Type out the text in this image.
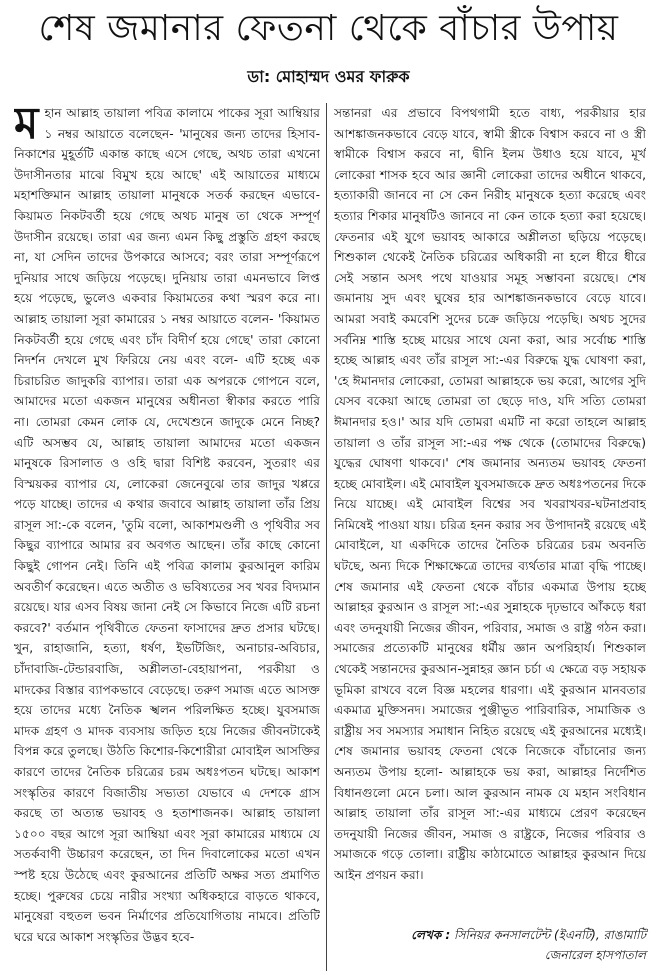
শেষ জমানার ফেতনা থেকে বাঁচার উপায়
ডা: মোহাম্মদ ওমর ফারুক

মহান আল্লাহ তায়ালা পবিত্র কালামে পাকের সূরা আম্বিয়ার ১ নম্বর আয়াতে বলেছেন- 'মানুষের জন্য তাদের হিসাব-নিকাশের মুহূর্তটি একান্ত কাছে এসে গেছে, অথচ তারা এখনো উদাসীনতার মাঝে বিমুখ হয়ে আছে' এই আয়াতের মাধ্যমে মহাশক্তিমান আল্লাহ তায়ালা মানুষকে সতর্ক করছেন এভাবে- কিয়ামত নিকটবর্তী হয়ে গেছে অথচ মানুষ তা থেকে সম্পূর্ণ উদাসীন রয়েছে। তারা এর জন্য এমন কিছু প্রস্তুতি গ্রহণ করছে না, যা সেদিন তাদের উপকারে আসবে; বরং তারা সম্পূর্ণরূপে দুনিয়ার সাথে জড়িয়ে পড়েছে। দুনিয়ায় তারা এমনভাবে লিপ্ত হয়ে পড়েছে, ভুলেও একবার কিয়ামতের কথা স্মরণ করে না। আল্লাহ তায়ালা সূরা কামারের ১ নম্বর আয়াতে বলেন- 'কিয়ামত নিকটবর্তী হয়ে গেছে এবং চাঁদ বিদীর্ণ হয়ে গেছে' তারা কোনো নিদর্শন দেখলে মুখ ফিরিয়ে নেয় এবং বলে- এটি হচ্ছে এক চিরাচরিত জাদুকরি ব্যাপার। তারা এক অপরকে গোপনে বলে, আমাদের মতো একজন মানুষের অধীনতা স্বীকার করতে পারি না। তোমরা কেমন লোক যে, দেখেশুনে জাদুকে মেনে নিচ্ছ? এটি অসম্ভব যে, আল্লাহ তায়ালা আমাদের মতো একজন মানুষকে রিসালাত ও ওহি দ্বারা বিশিষ্ট করবেন, সুতরাং এর বিস্ময়কর ব্যাপার যে, লোকেরা জেনেবুঝে তার জাদুর খপ্পরে পড়ে যাচ্ছে। তাদের এ কথার জবাবে আল্লাহ তায়ালা তাঁর প্রিয় রাসূল সা:-কে বলেন, 'তুমি বলো, আকাশমণ্ডলী ও পৃথিবীর সব কিছুর ব্যাপারে আমার রব অবগত আছেন। তাঁর কাছে কোনো কিছুই গোপন নেই। তিনি এই পবিত্র কালাম কুরআনুল কারিম অবতীর্ণ করেছেন। এতে অতীত ও ভবিষ্যতের সব খবর বিদ্যমান রয়েছে। যার এসব বিষয় জানা নেই সে কিভাবে নিজে এটি রচনা করবে?' বর্তমান পৃথিবীতে ফেতনা ফাসাদের দ্রুত প্রসার ঘটছে। খুন, রাহাজানি, হত্যা, ধর্ষণ, ইভটিজিং, অনাচার-অবিচার, চাঁদাবাজি-টেন্ডারবাজি, অশ্লীলতা-বেহায়াপনা, পরকীয়া ও মাদকের বিস্তার ব্যাপকভাবে বেড়েছে। তরুণ সমাজ এতে আসক্ত হয়ে তাদের মধ্যে নৈতিক স্খলন পরিলক্ষিত হচ্ছে। যুবসমাজ মাদক গ্রহণ ও মাদক ব্যবসায় জড়িত হয়ে নিজের জীবনটাকেই বিপন্ন করে তুলছে। উঠতি কিশোর-কিশোরীরা মোবাইল আসক্তির কারণে তাদের নৈতিক চরিত্রের চরম অধঃপতন ঘটছে। আকাশ সংস্কৃতির কারণে বিজাতীয় সভ্যতা যেভাবে এ দেশকে গ্রাস করছে তা অত্যন্ত ভয়াবহ ও হতাশাজনক। আল্লাহ তায়ালা ১৫০০ বছর আগে সূরা আম্বিয়া এবং সূরা কামারের মাধ্যমে যে সতর্কবাণী উচ্চারণ করেছেন, তা দিন দিবালোকের মতো এখন স্পষ্ট হয়ে উঠেছে এবং কুরআনের প্রতিটি অক্ষর সত্য প্রমাণিত হচ্ছে। পুরুষের চেয়ে নারীর সংখ্যা অধিকহারে বাড়তে থাকবে, মানুষেরা বহুতল ভবন নির্মাণের প্রতিযোগিতায় নামবে। প্রতিটি ঘরে ঘরে আকাশ সংস্কৃতির উদ্ভব হবে-

সন্তানরা এর প্রভাবে বিপথগামী হতে বাধ্য, পরকীয়ার হার আশঙ্কাজনকভাবে বেড়ে যাবে, স্বামী স্ত্রীকে বিশ্বাস করবে না ও স্ত্রী স্বামীকে বিশ্বাস করবে না, দ্বীনি ইলম উধাও হয়ে যাবে, মূর্খ লোকেরা শাসক হবে আর জ্ঞানী লোকেরা তাদের অধীনে থাকবে, হত্যাকারী জানবে না সে কেন নিরীহ মানুষকে হত্যা করেছে এবং হত্যার শিকার মানুষটিও জানবে না কেন তাকে হত্যা করা হয়েছে। ফেতনার এই যুগে ভয়াবহ আকারে অশ্লীলতা ছড়িয়ে পড়েছে। শিশুকাল থেকেই নৈতিক চরিত্রের অধিকারী না হলে ধীরে ধীরে সেই সন্তান অসৎ পথে যাওয়ার সমূহ সম্ভাবনা রয়েছে। শেষ জমানায় সুদ এবং ঘুষের হার আশঙ্কাজনকভাবে বেড়ে যাবে। আমরা সবাই কমবেশি সুদের চক্রে জড়িয়ে পড়েছি। অথচ সুদের সর্বনিম্ন শাস্তি হচ্ছে মায়ের সাথে যেনা করা, আর সর্বোচ্চ শাস্তি হচ্ছে আল্লাহ এবং তাঁর রাসূল সা:-এর বিরুদ্ধে যুদ্ধ ঘোষণা করা, 'হে ঈমানদার লোকেরা, তোমরা আল্লাহকে ভয় করো, আগের সুদি যেসব বকেয়া আছে তোমরা তা ছেড়ে দাও, যদি সত্যি তোমরা ঈমানদার হও।' আর যদি তোমরা এমটি না করো তাহলে আল্লাহ তায়ালা ও তাঁর রাসূল সা:-এর পক্ষ থেকে (তোমাদের বিরুদ্ধে) যুদ্ধের ঘোষণা থাকবে।' শেষ জমানার অন্যতম ভয়াবহ ফেতনা হচ্ছে মোবাইল। এই মোবাইল যুবসমাজকে দ্রুত অধঃপতনের দিকে নিয়ে যাচ্ছে। এই মোবাইল বিশ্বের সব খবরাখবর-ঘটনাপ্রবাহ নিমিষেই পাওয়া যায়। চরিত্র হনন করার সব উপাদানই রয়েছে এই মোবাইলে, যা একদিকে তাদের নৈতিক চরিত্রের চরম অবনতি ঘটছে, অন্য দিকে শিক্ষাক্ষেত্রে তাদের ব্যর্থতার মাত্রা বৃদ্ধি পাচ্ছে। শেষ জমানার এই ফেতনা থেকে বাঁচার একমাত্র উপায় হচ্ছে আল্লাহর কুরআন ও রাসূল সা:-এর সুন্নাহকে দৃঢ়ভাবে আঁকড়ে ধরা এবং তদনুযায়ী নিজের জীবন, পরিবার, সমাজ ও রাষ্ট্র গঠন করা। সমাজের প্রত্যেকটি মানুষের ধর্মীয় জ্ঞান অপরিহার্য। শিশুকাল থেকেই সন্তানদের কুরআন-সুন্নাহর জ্ঞান চর্চা এ ক্ষেত্রে বড় সহায়ক ভূমিকা রাখবে বলে বিজ্ঞ মহলের ধারণা। এই কুরআন মানবতার একমাত্র মুক্তিসনদ। সমাজের পুঞ্জীভূত পারিবারিক, সামাজিক ও রাষ্ট্রীয় সব সমস্যার সমাধান নিহিত রয়েছে এই কুরআনের মধ্যেই। শেষ জমানার ভয়াবহ ফেতনা থেকে নিজেকে বাঁচানোর জন্য অন্যতম উপায় হলো- আল্লাহকে ভয় করা, আল্লাহর নির্দেশিত বিধানগুলো মেনে চলা। আল কুরআন নামক যে মহান সংবিধান আল্লাহ তায়ালা তাঁর রাসূল সা:-এর মাধ্যমে প্রেরণ করেছেন তদনুযায়ী নিজের জীবন, সমাজ ও রাষ্ট্রকে, নিজের পরিবার ও সমাজকে গড়ে তোলা। রাষ্ট্রীয় কাঠামোতে আল্লাহর কুরআন দিয়ে আইন প্রণয়ন করা।

লেখক : সিনিয়র কনসালটেন্ট (ইএনটি), রাঙামাটি
জেনারেল হাসপাতাল
